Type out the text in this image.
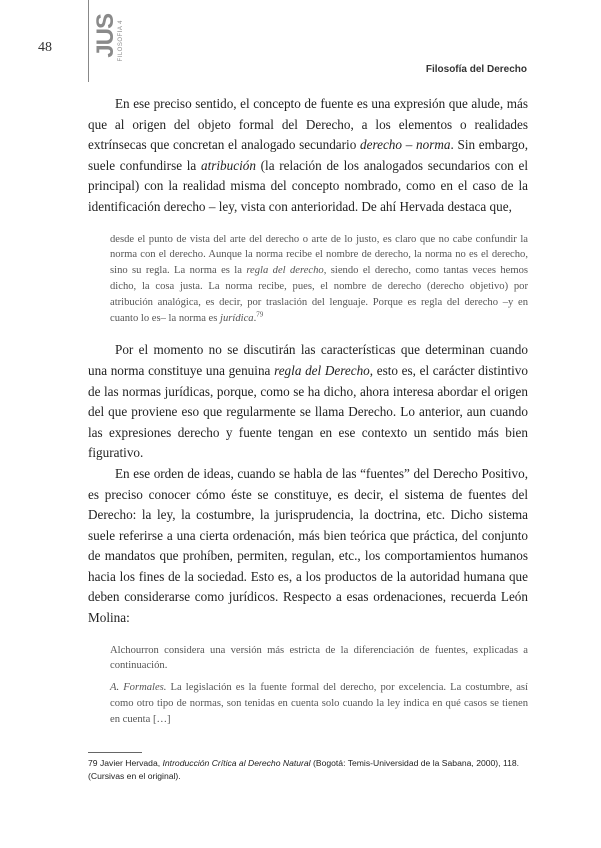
48 JUS FILOSOFÍA 4
Filosofía del Derecho

En ese preciso sentido, el concepto de fuente es una expresión que alude, más que al origen del objeto formal del Derecho, a los elementos o realidades extrínsecas que concretan el analogado secundario derecho – norma. Sin embargo, suele confundirse la atribución (la relación de los analogados secundarios con el principal) con la realidad misma del concepto nombrado, como en el caso de la identificación derecho – ley, vista con anterioridad. De ahí Hervada destaca que,

desde el punto de vista del arte del derecho o arte de lo justo, es claro que no cabe confundir la norma con el derecho. Aunque la norma recibe el nombre de derecho, la norma no es el derecho, sino su regla. La norma es la regla del derecho, siendo el derecho, como tantas veces hemos dicho, la cosa justa. La norma recibe, pues, el nombre de derecho (derecho objetivo) por atribución analógica, es decir, por traslación del lenguaje. Porque es regla del derecho –y en cuanto lo es– la norma es jurídica.$^{79}$

Por el momento no se discutirán las características que determinan cuando una norma constituye una genuina regla del Derecho, esto es, el carácter distintivo de las normas jurídicas, porque, como se ha dicho, ahora interesa abordar el origen del que proviene eso que regularmente se llama Derecho. Lo anterior, aun cuando las expresiones derecho y fuente tengan en ese contexto un sentido más bien figurativo.

En ese orden de ideas, cuando se habla de las “fuentes” del Derecho Positivo, es preciso conocer cómo éste se constituye, es decir, el sistema de fuentes del Derecho: la ley, la costumbre, la jurisprudencia, la doctrina, etc. Dicho sistema suele referirse a una cierta ordenación, más bien teórica que práctica, del conjunto de mandatos que prohíben, permiten, regulan, etc., los comportamientos humanos hacia los fines de la sociedad. Esto es, a los productos de la autoridad humana que deben considerarse como jurídicos. Respecto a esas ordenaciones, recuerda León Molina:

Alchourron considera una versión más estricta de la diferenciación de fuentes, explicadas a continuación.

A. Formales. La legislación es la fuente formal del derecho, por excelencia. La costumbre, así como otro tipo de normas, son tenidas en cuenta solo cuando la ley indica en qué casos se tienen en cuenta […]

79 Javier Hervada, Introducción Crítica al Derecho Natural (Bogotá: Temis-Universidad de la Sabana, 2000), 118. (Cursivas en el original).
